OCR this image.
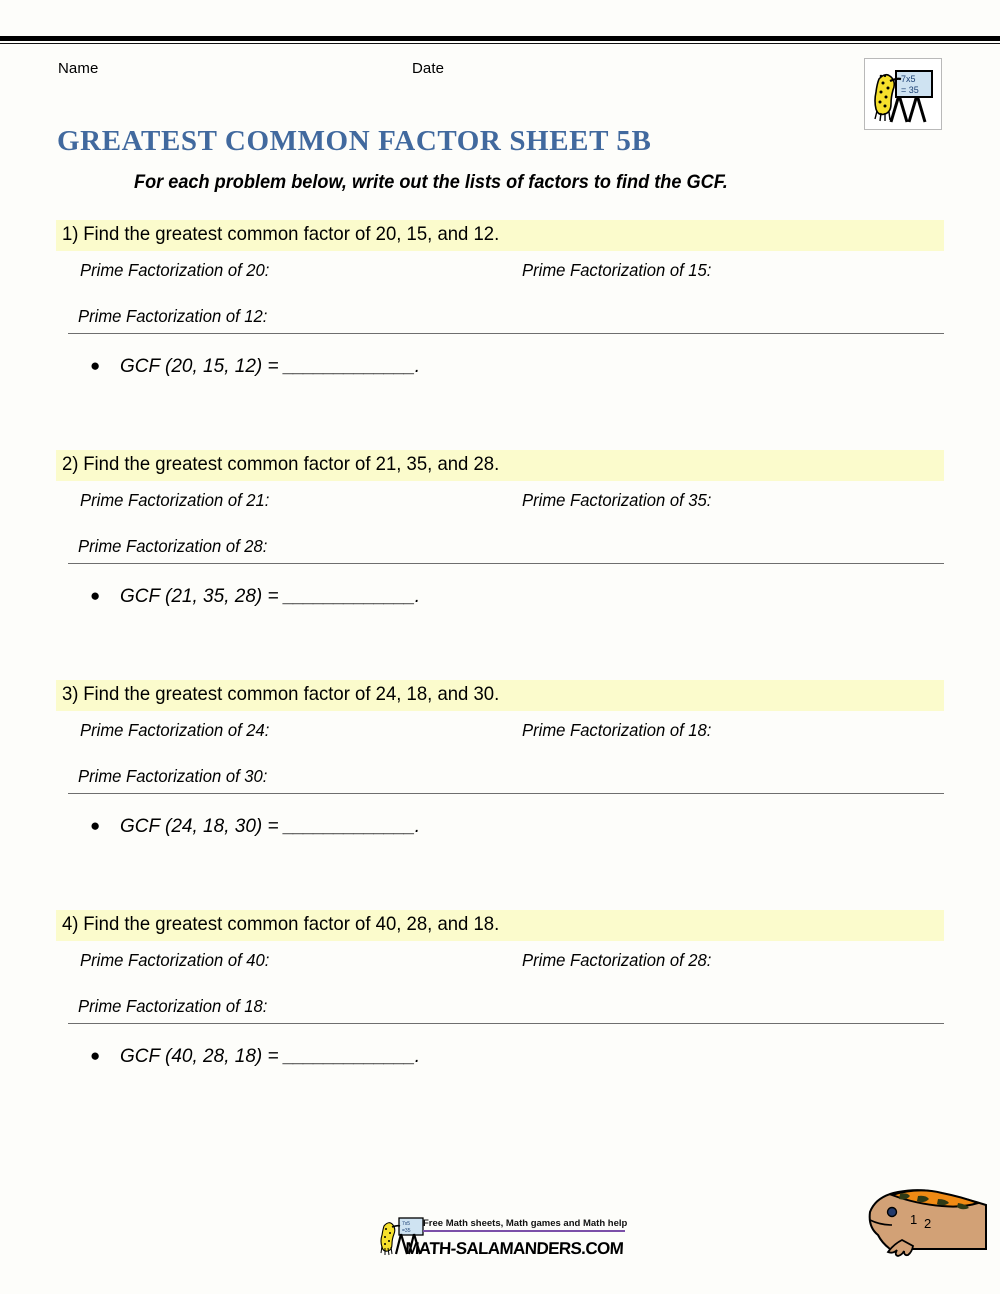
Name	Date
7x5
= 35
GREATEST COMMON FACTOR SHEET 5B
For each problem below, write out the lists of factors to find the GCF.
1) Find the greatest common factor of 20, 15, and 12.
Prime Factorization of 20:	Prime Factorization of 15:
Prime Factorization of 12:
● GCF (20, 15, 12) = _____________.
2) Find the greatest common factor of 21, 35, and 28.
Prime Factorization of 21:	Prime Factorization of 35:
Prime Factorization of 28:
● GCF (21, 35, 28) = _____________.
3) Find the greatest common factor of 24, 18, and 30.
Prime Factorization of 24:	Prime Factorization of 18:
Prime Factorization of 30:
● GCF (24, 18, 30) = _____________.
4) Find the greatest common factor of 40, 28, and 18.
Prime Factorization of 40:	Prime Factorization of 28:
Prime Factorization of 18:
● GCF (40, 28, 18) = _____________.
7x5
=35
Free Math sheets, Math games and Math help
MATH-SALAMANDERS.COM
1 2
